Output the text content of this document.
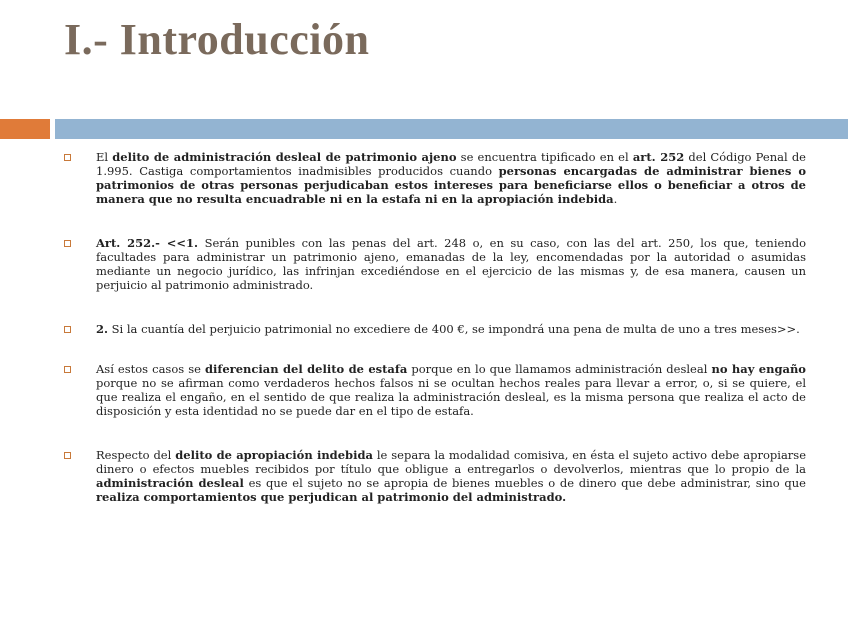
I.- Introducción
El delito de administración desleal de patrimonio ajeno se encuentra tipificado en el art. 252 del Código Penal de 1.995. Castiga comportamientos inadmisibles producidos cuando personas encargadas de administrar bienes o patrimonios de otras personas perjudicaban estos intereses para beneficiarse ellos o beneficiar a otros de manera que no resulta encuadrable ni en la estafa ni en la apropiación indebida.
Art. 252.- <<1. Serán punibles con las penas del art. 248 o, en su caso, con las del art. 250, los que, teniendo facultades para administrar un patrimonio ajeno, emanadas de la ley, encomendadas por la autoridad o asumidas mediante un negocio jurídico, las infrinjan excediéndose en el ejercicio de las mismas y, de esa manera, causen un perjuicio al patrimonio administrado.
2. Si la cuantía del perjuicio patrimonial no excediere de 400 €, se impondrá una pena de multa de uno a tres meses>>.
Así estos casos se diferencian del delito de estafa porque en lo que llamamos administración desleal no hay engaño porque no se afirman como verdaderos hechos falsos ni se ocultan hechos reales para llevar a error, o, si se quiere, el que realiza el engaño, en el sentido de que realiza la administración desleal, es la misma persona que realiza el acto de disposición y esta identidad no se puede dar en el tipo de estafa.
Respecto del delito de apropiación indebida le separa la modalidad comisiva, en ésta el sujeto activo debe apropiarse dinero o efectos muebles recibidos por título que obligue a entregarlos o devolverlos, mientras que lo propio de la administración desleal es que el sujeto no se apropia de bienes muebles o de dinero que debe administrar, sino que realiza comportamientos que perjudican al patrimonio del administrado.
